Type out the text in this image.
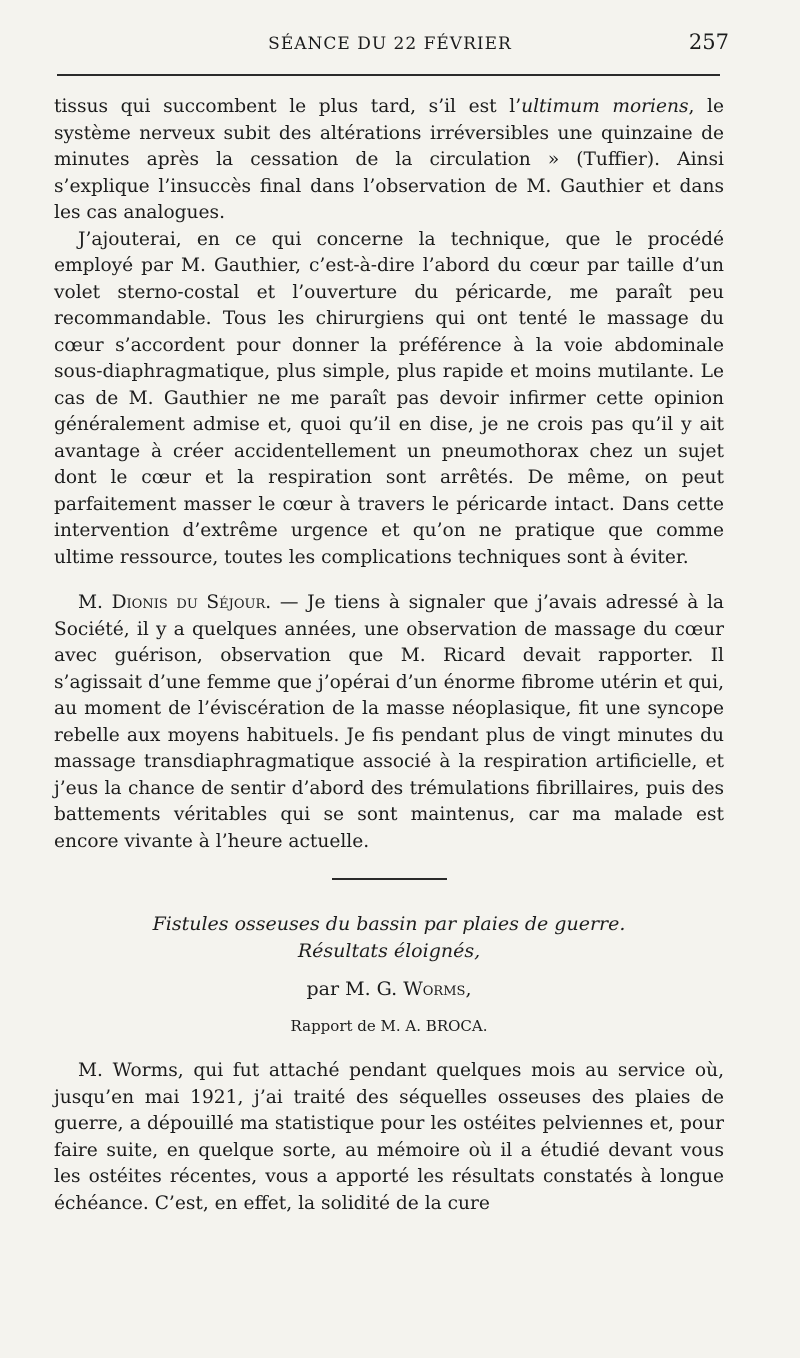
SÉANCE DU 22 FÉVRIER	257

tissus qui succombent le plus tard, s’il est l’ultimum moriens, le système nerveux subit des altérations irréversibles une quinzaine de minutes après la cessation de la circulation » (Tuffier). Ainsi s’explique l’insuccès final dans l’observation de M. Gauthier et dans les cas analogues.

J’ajouterai, en ce qui concerne la technique, que le procédé employé par M. Gauthier, c’est-à-dire l’abord du cœur par taille d’un volet sterno-costal et l’ouverture du péricarde, me paraît peu recommandable. Tous les chirurgiens qui ont tenté le massage du cœur s’accordent pour donner la préférence à la voie abdominale sous-diaphragmatique, plus simple, plus rapide et moins mutilante. Le cas de M. Gauthier ne me paraît pas devoir infirmer cette opinion généralement admise et, quoi qu’il en dise, je ne crois pas qu’il y ait avantage à créer accidentellement un pneumothorax chez un sujet dont le cœur et la respiration sont arrêtés. De même, on peut parfaitement masser le cœur à travers le péricarde intact. Dans cette intervention d’extrême urgence et qu’on ne pratique que comme ultime ressource, toutes les complications techniques sont à éviter.

M. Dionis du Séjour. — Je tiens à signaler que j’avais adressé à la Société, il y a quelques années, une observation de massage du cœur avec guérison, observation que M. Ricard devait rapporter. Il s’agissait d’une femme que j’opérai d’un énorme fibrome utérin et qui, au moment de l’éviscération de la masse néoplasique, fit une syncope rebelle aux moyens habituels. Je fis pendant plus de vingt minutes du massage transdiaphragmatique associé à la respiration artificielle, et j’eus la chance de sentir d’abord des trémulations fibrillaires, puis des battements véritables qui se sont maintenus, car ma malade est encore vivante à l’heure actuelle.

Fistules osseuses du bassin par plaies de guerre.
Résultats éloignés,
par M. G. Worms,
Rapport de M. A. BROCA.

M. Worms, qui fut attaché pendant quelques mois au service où, jusqu’en mai 1921, j’ai traité des séquelles osseuses des plaies de guerre, a dépouillé ma statistique pour les ostéites pelviennes et, pour faire suite, en quelque sorte, au mémoire où il a étudié devant vous les ostéites récentes, vous a apporté les résultats constatés à longue échéance. C’est, en effet, la solidité de la cure
